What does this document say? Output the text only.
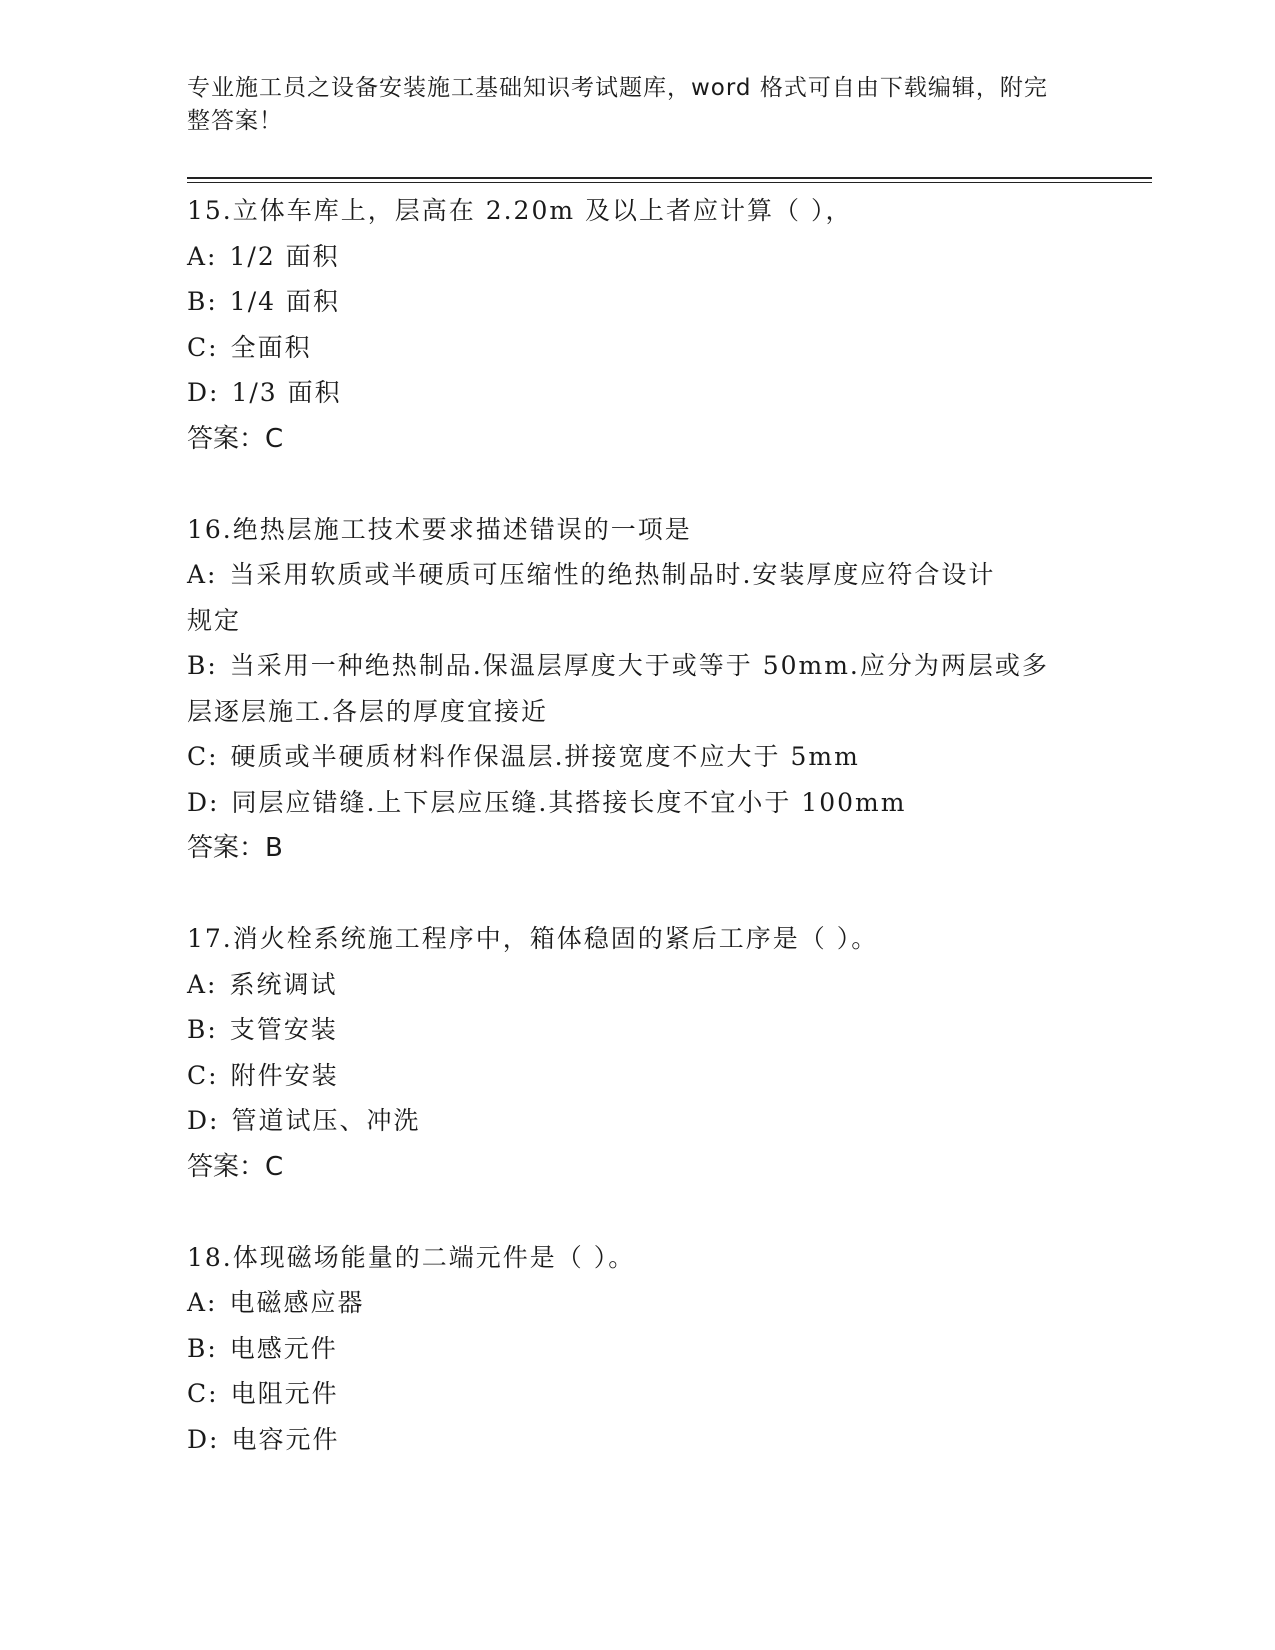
专业施工员之设备安装施工基础知识考试题库，word 格式可自由下载编辑，附完
整答案！

15.立体车库上，层高在 2.20m 及以上者应计算（ ），

A: 1/2 面积

B: 1/4 面积

C: 全面积

D: 1/3 面积

答案：C

16.绝热层施工技术要求描述错误的一项是

A: 当采用软质或半硬质可压缩性的绝热制品时.安装厚度应符合设计

规定

B: 当采用一种绝热制品.保温层厚度大于或等于 50mm.应分为两层或多

层逐层施工.各层的厚度宜接近

C: 硬质或半硬质材料作保温层.拼接宽度不应大于 5mm

D: 同层应错缝.上下层应压缝.其搭接长度不宜小于 100mm

答案：B

17.消火栓系统施工程序中，箱体稳固的紧后工序是（ ）。

A: 系统调试

B: 支管安装

C: 附件安装

D: 管道试压、冲洗

答案：C

18.体现磁场能量的二端元件是（ ）。

A: 电磁感应器

B: 电感元件

C: 电阻元件

D: 电容元件
